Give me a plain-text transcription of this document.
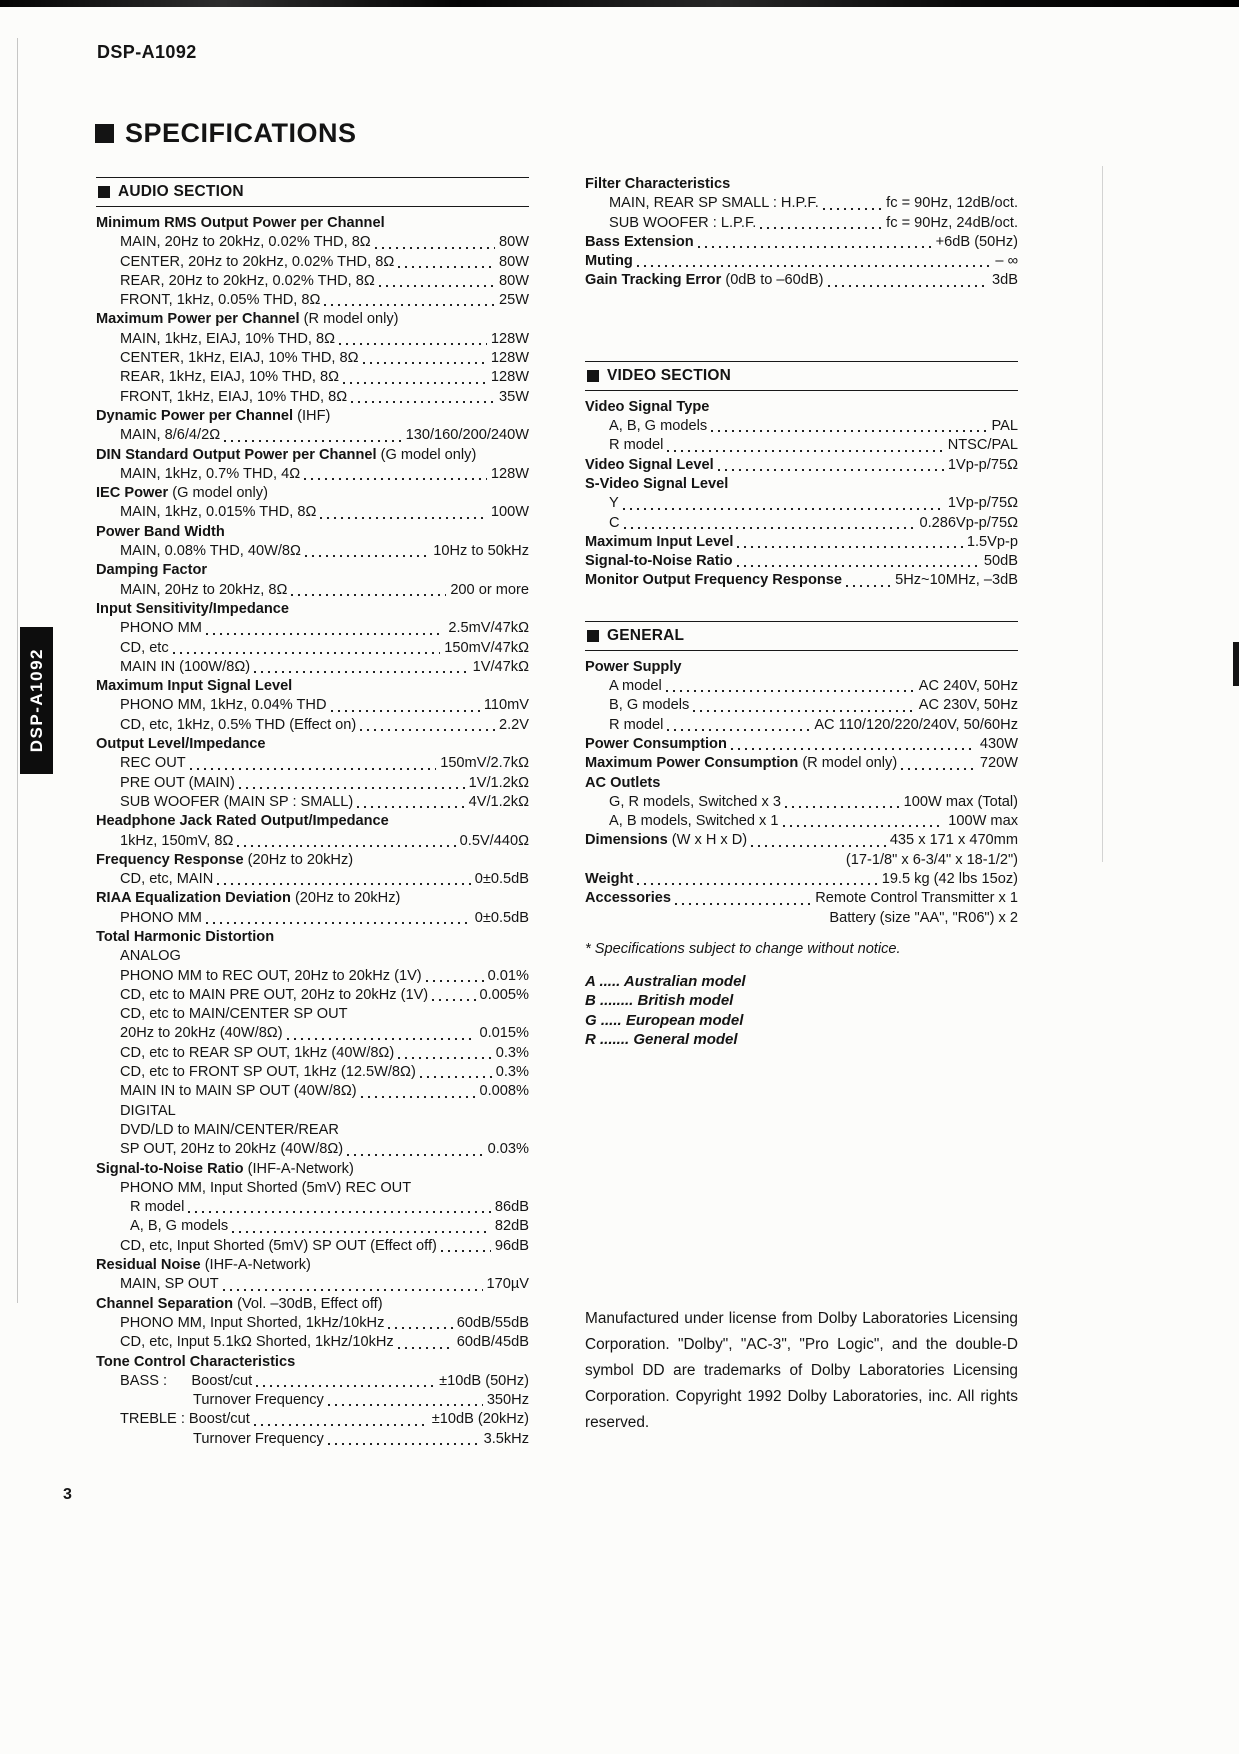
DSP-A1092
SPECIFICATIONS
DSP-A1092
AUDIO SECTION
Minimum RMS Output Power per Channel
MAIN, 20Hz to 20kHz, 0.02% THD, 8Ω	80W
CENTER, 20Hz to 20kHz, 0.02% THD, 8Ω	80W
REAR, 20Hz to 20kHz, 0.02% THD, 8Ω	80W
FRONT, 1kHz, 0.05% THD, 8Ω	25W
Maximum Power per Channel (R model only)
MAIN, 1kHz, EIAJ, 10% THD, 8Ω	128W
CENTER, 1kHz, EIAJ, 10% THD, 8Ω	128W
REAR, 1kHz, EIAJ, 10% THD, 8Ω	128W
FRONT, 1kHz, EIAJ, 10% THD, 8Ω	35W
Dynamic Power per Channel (IHF)
MAIN, 8/6/4/2Ω	130/160/200/240W
DIN Standard Output Power per Channel (G model only)
MAIN, 1kHz, 0.7% THD, 4Ω	128W
IEC Power (G model only)
MAIN, 1kHz, 0.015% THD, 8Ω	100W
Power Band Width
MAIN, 0.08% THD, 40W/8Ω	10Hz to 50kHz
Damping Factor
MAIN, 20Hz to 20kHz, 8Ω	200 or more
Input Sensitivity/Impedance
PHONO MM	2.5mV/47kΩ
CD, etc	150mV/47kΩ
MAIN IN (100W/8Ω)	1V/47kΩ
Maximum Input Signal Level
PHONO MM, 1kHz, 0.04% THD	110mV
CD, etc, 1kHz, 0.5% THD (Effect on)	2.2V
Output Level/Impedance
REC OUT	150mV/2.7kΩ
PRE OUT (MAIN)	1V/1.2kΩ
SUB WOOFER (MAIN SP : SMALL)	4V/1.2kΩ
Headphone Jack Rated Output/Impedance
1kHz, 150mV, 8Ω	0.5V/440Ω
Frequency Response (20Hz to 20kHz)
CD, etc, MAIN	0±0.5dB
RIAA Equalization Deviation (20Hz to 20kHz)
PHONO MM	0±0.5dB
Total Harmonic Distortion
ANALOG
PHONO MM to REC OUT, 20Hz to 20kHz (1V)	0.01%
CD, etc to MAIN PRE OUT, 20Hz to 20kHz (1V)	0.005%
CD, etc to MAIN/CENTER SP OUT
20Hz to 20kHz (40W/8Ω)	0.015%
CD, etc to REAR SP OUT, 1kHz (40W/8Ω)	0.3%
CD, etc to FRONT SP OUT, 1kHz (12.5W/8Ω)	0.3%
MAIN IN to MAIN SP OUT (40W/8Ω)	0.008%
DIGITAL
DVD/LD to MAIN/CENTER/REAR
SP OUT, 20Hz to 20kHz (40W/8Ω)	0.03%
Signal-to-Noise Ratio (IHF-A-Network)
PHONO MM, Input Shorted (5mV) REC OUT
R model	86dB
A, B, G models	82dB
CD, etc, Input Shorted (5mV) SP OUT (Effect off)	96dB
Residual Noise (IHF-A-Network)
MAIN, SP OUT	170µV
Channel Separation (Vol. –30dB, Effect off)
PHONO MM, Input Shorted, 1kHz/10kHz	60dB/55dB
CD, etc, Input 5.1kΩ Shorted, 1kHz/10kHz	60dB/45dB
Tone Control Characteristics
BASS :      Boost/cut	±10dB (50Hz)
Turnover Frequency	350Hz
TREBLE : Boost/cut	±10dB (20kHz)
Turnover Frequency	3.5kHz
Filter Characteristics
MAIN, REAR SP SMALL : H.P.F.	fc = 90Hz, 12dB/oct.
SUB WOOFER : L.P.F.	fc = 90Hz, 24dB/oct.
Bass Extension	+6dB (50Hz)
Muting	– ∞
Gain Tracking Error (0dB to –60dB)	3dB
VIDEO SECTION
Video Signal Type
A, B, G models	PAL
R model	NTSC/PAL
Video Signal Level	1Vp-p/75Ω
S-Video Signal Level
Y	1Vp-p/75Ω
C	0.286Vp-p/75Ω
Maximum Input Level	1.5Vp-p
Signal-to-Noise Ratio	50dB
Monitor Output Frequency Response	5Hz~10MHz, –3dB
GENERAL
Power Supply
A model	AC 240V, 50Hz
B, G models	AC 230V, 50Hz
R model	AC 110/120/220/240V, 50/60Hz
Power Consumption	430W
Maximum Power Consumption (R model only)	720W
AC Outlets
G, R models, Switched x 3	100W max (Total)
A, B models, Switched x 1	100W max
Dimensions (W x H x D)	435 x 171 x 470mm
(17-1/8" x 6-3/4" x 18-1/2")
Weight	19.5 kg (42 lbs 15oz)
Accessories	Remote Control Transmitter x 1
Battery (size "AA", "R06") x 2
* Specifications subject to change without notice.
A ..... Australian model
B ........ British model
G ..... European model
R ....... General model
Manufactured under license from Dolby Laboratories Licensing Corporation. "Dolby", "AC-3", "Pro Logic", and the double-D symbol DD are trademarks of Dolby Laboratories Licensing Corporation. Copyright 1992 Dolby Laboratories, inc. All rights reserved.
3
